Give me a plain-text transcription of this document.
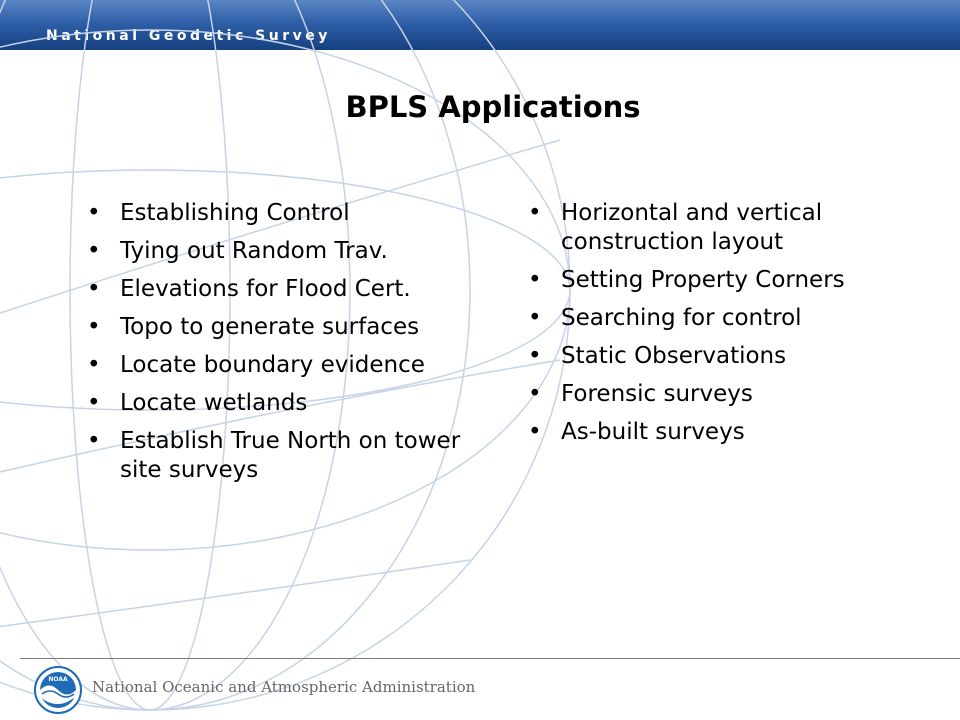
National Geodetic Survey
BPLS Applications
• Establishing Control
• Tying out Random Trav.
• Elevations for Flood Cert.
• Topo to generate surfaces
• Locate boundary evidence
• Locate wetlands
• Establish True North on tower site surveys
• Horizontal and vertical construction layout
• Setting Property Corners
• Searching for control
• Static Observations
• Forensic surveys
• As-built surveys
NOAA National Oceanic and Atmospheric Administration
